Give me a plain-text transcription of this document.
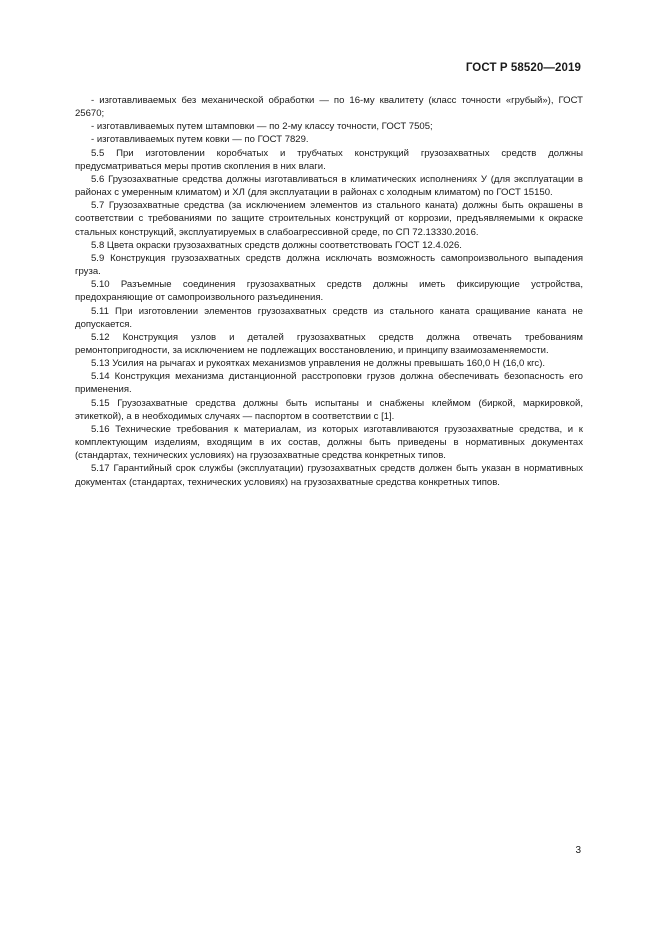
ГОСТ Р 58520—2019

- изготавливаемых без механической обработки — по 16-му квалитету (класс точности «грубый»), ГОСТ 25670;

- изготавливаемых путем штамповки — по 2-му классу точности, ГОСТ 7505;

- изготавливаемых путем ковки — по ГОСТ 7829.

5.5 При изготовлении коробчатых и трубчатых конструкций грузозахватных средств должны предусматриваться меры против скопления в них влаги.

5.6 Грузозахватные средства должны изготавливаться в климатических исполнениях У (для эксплуатации в районах с умеренным климатом) и ХЛ (для эксплуатации в районах с холодным климатом) по ГОСТ 15150.

5.7 Грузозахватные средства (за исключением элементов из стального каната) должны быть окрашены в соответствии с требованиями по защите строительных конструкций от коррозии, предъявляемыми к окраске стальных конструкций, эксплуатируемых в слабоагрессивной среде, по СП 72.13330.2016.

5.8 Цвета окраски грузозахватных средств должны соответствовать ГОСТ 12.4.026.

5.9 Конструкция грузозахватных средств должна исключать возможность самопроизвольного выпадения груза.

5.10 Разъемные соединения грузозахватных средств должны иметь фиксирующие устройства, предохраняющие от самопроизвольного разъединения.

5.11 При изготовлении элементов грузозахватных средств из стального каната сращивание каната не допускается.

5.12 Конструкция узлов и деталей грузозахватных средств должна отвечать требованиям ремонтопригодности, за исключением не подлежащих восстановлению, и принципу взаимозаменяемости.

5.13 Усилия на рычагах и рукоятках механизмов управления не должны превышать 160,0 Н (16,0 кгс).

5.14 Конструкция механизма дистанционной расстроповки грузов должна обеспечивать безопасность его применения.

5.15 Грузозахватные средства должны быть испытаны и снабжены клеймом (биркой, маркировкой, этикеткой), а в необходимых случаях — паспортом в соответствии с [1].

5.16 Технические требования к материалам, из которых изготавливаются грузозахватные средства, и к комплектующим изделиям, входящим в их состав, должны быть приведены в нормативных документах (стандартах, технических условиях) на грузозахватные средства конкретных типов.

5.17 Гарантийный срок службы (эксплуатации) грузозахватных средств должен быть указан в нормативных документах (стандартах, технических условиях) на грузозахватные средства конкретных типов.

3
